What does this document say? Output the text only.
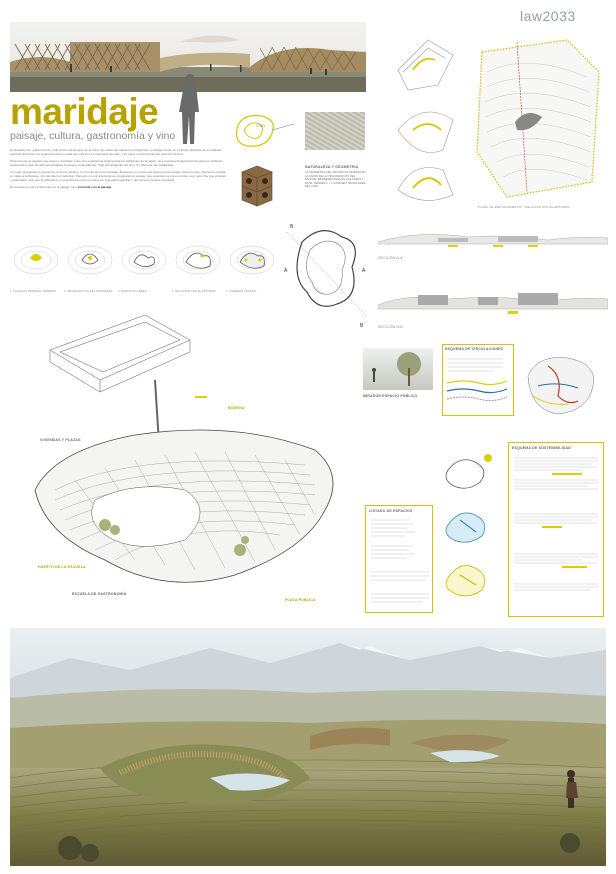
law2033
maridaje
paisaje, cultura, gastronomía y vino

En España vino, gastronomía y cultura han ido siempre de la mano. El cultivo del viñedo ha configurado un paisaje propio en La Rioja, distintivo de un carácter regional. El interés por la gastronomía es cada vez más vivo en esta parte del país, y en estos momentos las dos avanzan al ritmo.

Proponemos un espacio que aúna el "maridaje" entre una experiencia cultural para los habitantes de la región, una experiencia gastronómica para los visitantes ocasionales y que brinda oportunidades a jóvenes restauradores. Todo ello alrededor del vino. Un diferente uso catalizador.

Con este propuesta no buscamos un icono turístico, ni un hotel de cinco estrellas. Buscamos un nuevo que active la zona desde varios frentes. Queremos resultar en calles a la Bodega. Uno también el municipio. Para ello no solo intervenimos respetando el paisaje, que entendemos como un bien cuyo valor hay que proteger y potenciarlo: sino que lo utilizamos y manipulamos como un elemento más para organizar y dar forma a nuestra propuesta.

No buscamos una construcción en el paisaje, sino construir con el paisaje.

VINO
NATURALEZA Y GEOMETRÍA
LA GEOMETRÍA DEL PROYECTO SE BASA EN LA UNIÓN DE LA ORGANIZACIÓN DEL PAISAJE, REPRESENTADA EN LAS CEPAS Y EN EL TERRENO, Y LA IMAGEN TRADICIONAL DEL VINO.
PLANO DE EMPLAZAMIENTO Y RELACIÓN CON EL ENTORNO
SECCIÓN A-A
SECCIÓN B-B
1. ACCESOS DESDE EL TERRENO	2. ORGANIZACIÓN DEL PROGRAMA	3. ESPACIOS LIBRES	4. RELACIÓN CON EL ENTORNO	5. CUBIERTA VEGETAL
B
B
A	A
VIVIENDAS Y PLAZAS
ESCUELA DE GASTRONOMÍA
HUERTO DE LA ESCUELA
BODEGA
PLAZA PÚBLICA
MIRADOR ESPACIO PÚBLICO
ESQUEMA DE CIRCULACIONES
ESQUEMA DE SOSTENIBILIDAD
LISTADO DE ESPACIOS
